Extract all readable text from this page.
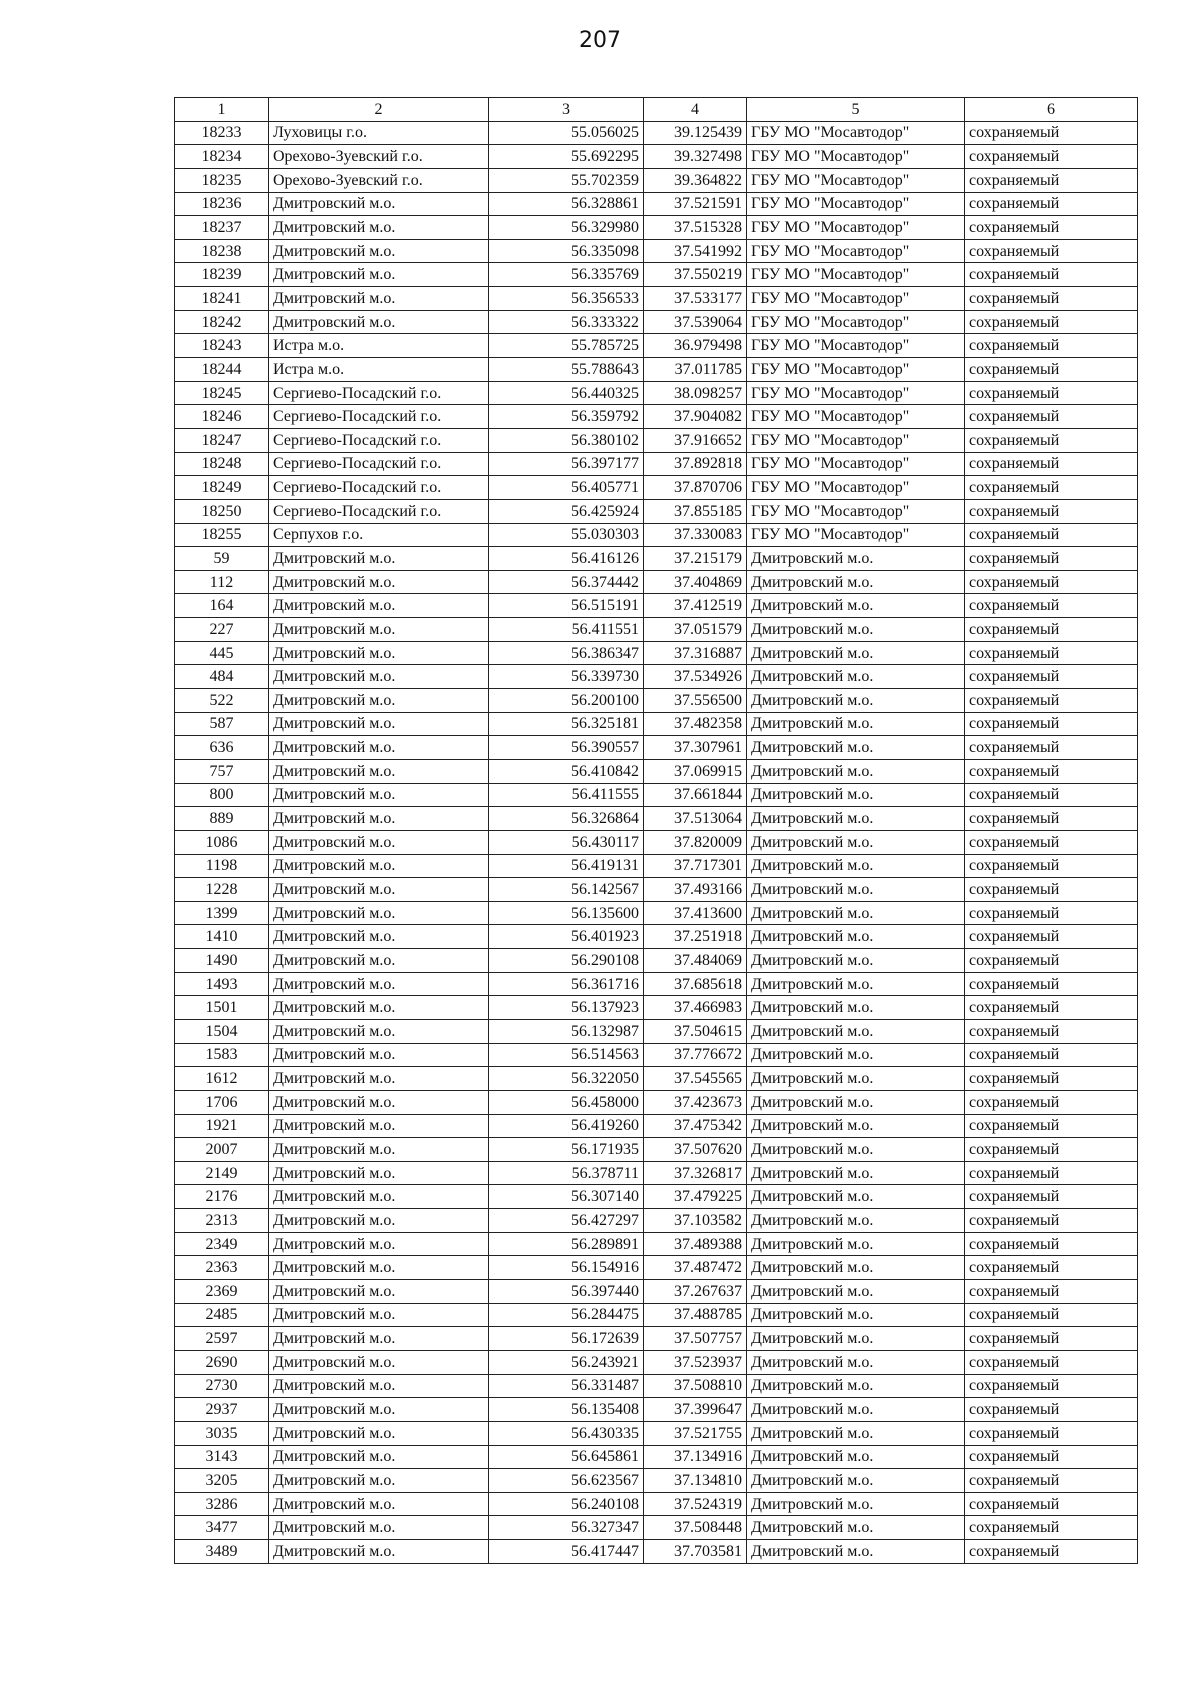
207
1	2	3	4	5	6
18233	Луховицы г.о.	55.056025	39.125439	ГБУ МО "Мосавтодор"	сохраняемый
18234	Орехово-Зуевский г.о.	55.692295	39.327498	ГБУ МО "Мосавтодор"	сохраняемый
18235	Орехово-Зуевский г.о.	55.702359	39.364822	ГБУ МО "Мосавтодор"	сохраняемый
18236	Дмитровский м.о.	56.328861	37.521591	ГБУ МО "Мосавтодор"	сохраняемый
18237	Дмитровский м.о.	56.329980	37.515328	ГБУ МО "Мосавтодор"	сохраняемый
18238	Дмитровский м.о.	56.335098	37.541992	ГБУ МО "Мосавтодор"	сохраняемый
18239	Дмитровский м.о.	56.335769	37.550219	ГБУ МО "Мосавтодор"	сохраняемый
18241	Дмитровский м.о.	56.356533	37.533177	ГБУ МО "Мосавтодор"	сохраняемый
18242	Дмитровский м.о.	56.333322	37.539064	ГБУ МО "Мосавтодор"	сохраняемый
18243	Истра м.о.	55.785725	36.979498	ГБУ МО "Мосавтодор"	сохраняемый
18244	Истра м.о.	55.788643	37.011785	ГБУ МО "Мосавтодор"	сохраняемый
18245	Сергиево-Посадский г.о.	56.440325	38.098257	ГБУ МО "Мосавтодор"	сохраняемый
18246	Сергиево-Посадский г.о.	56.359792	37.904082	ГБУ МО "Мосавтодор"	сохраняемый
18247	Сергиево-Посадский г.о.	56.380102	37.916652	ГБУ МО "Мосавтодор"	сохраняемый
18248	Сергиево-Посадский г.о.	56.397177	37.892818	ГБУ МО "Мосавтодор"	сохраняемый
18249	Сергиево-Посадский г.о.	56.405771	37.870706	ГБУ МО "Мосавтодор"	сохраняемый
18250	Сергиево-Посадский г.о.	56.425924	37.855185	ГБУ МО "Мосавтодор"	сохраняемый
18255	Серпухов г.о.	55.030303	37.330083	ГБУ МО "Мосавтодор"	сохраняемый
59	Дмитровский м.о.	56.416126	37.215179	Дмитровский м.о.	сохраняемый
112	Дмитровский м.о.	56.374442	37.404869	Дмитровский м.о.	сохраняемый
164	Дмитровский м.о.	56.515191	37.412519	Дмитровский м.о.	сохраняемый
227	Дмитровский м.о.	56.411551	37.051579	Дмитровский м.о.	сохраняемый
445	Дмитровский м.о.	56.386347	37.316887	Дмитровский м.о.	сохраняемый
484	Дмитровский м.о.	56.339730	37.534926	Дмитровский м.о.	сохраняемый
522	Дмитровский м.о.	56.200100	37.556500	Дмитровский м.о.	сохраняемый
587	Дмитровский м.о.	56.325181	37.482358	Дмитровский м.о.	сохраняемый
636	Дмитровский м.о.	56.390557	37.307961	Дмитровский м.о.	сохраняемый
757	Дмитровский м.о.	56.410842	37.069915	Дмитровский м.о.	сохраняемый
800	Дмитровский м.о.	56.411555	37.661844	Дмитровский м.о.	сохраняемый
889	Дмитровский м.о.	56.326864	37.513064	Дмитровский м.о.	сохраняемый
1086	Дмитровский м.о.	56.430117	37.820009	Дмитровский м.о.	сохраняемый
1198	Дмитровский м.о.	56.419131	37.717301	Дмитровский м.о.	сохраняемый
1228	Дмитровский м.о.	56.142567	37.493166	Дмитровский м.о.	сохраняемый
1399	Дмитровский м.о.	56.135600	37.413600	Дмитровский м.о.	сохраняемый
1410	Дмитровский м.о.	56.401923	37.251918	Дмитровский м.о.	сохраняемый
1490	Дмитровский м.о.	56.290108	37.484069	Дмитровский м.о.	сохраняемый
1493	Дмитровский м.о.	56.361716	37.685618	Дмитровский м.о.	сохраняемый
1501	Дмитровский м.о.	56.137923	37.466983	Дмитровский м.о.	сохраняемый
1504	Дмитровский м.о.	56.132987	37.504615	Дмитровский м.о.	сохраняемый
1583	Дмитровский м.о.	56.514563	37.776672	Дмитровский м.о.	сохраняемый
1612	Дмитровский м.о.	56.322050	37.545565	Дмитровский м.о.	сохраняемый
1706	Дмитровский м.о.	56.458000	37.423673	Дмитровский м.о.	сохраняемый
1921	Дмитровский м.о.	56.419260	37.475342	Дмитровский м.о.	сохраняемый
2007	Дмитровский м.о.	56.171935	37.507620	Дмитровский м.о.	сохраняемый
2149	Дмитровский м.о.	56.378711	37.326817	Дмитровский м.о.	сохраняемый
2176	Дмитровский м.о.	56.307140	37.479225	Дмитровский м.о.	сохраняемый
2313	Дмитровский м.о.	56.427297	37.103582	Дмитровский м.о.	сохраняемый
2349	Дмитровский м.о.	56.289891	37.489388	Дмитровский м.о.	сохраняемый
2363	Дмитровский м.о.	56.154916	37.487472	Дмитровский м.о.	сохраняемый
2369	Дмитровский м.о.	56.397440	37.267637	Дмитровский м.о.	сохраняемый
2485	Дмитровский м.о.	56.284475	37.488785	Дмитровский м.о.	сохраняемый
2597	Дмитровский м.о.	56.172639	37.507757	Дмитровский м.о.	сохраняемый
2690	Дмитровский м.о.	56.243921	37.523937	Дмитровский м.о.	сохраняемый
2730	Дмитровский м.о.	56.331487	37.508810	Дмитровский м.о.	сохраняемый
2937	Дмитровский м.о.	56.135408	37.399647	Дмитровский м.о.	сохраняемый
3035	Дмитровский м.о.	56.430335	37.521755	Дмитровский м.о.	сохраняемый
3143	Дмитровский м.о.	56.645861	37.134916	Дмитровский м.о.	сохраняемый
3205	Дмитровский м.о.	56.623567	37.134810	Дмитровский м.о.	сохраняемый
3286	Дмитровский м.о.	56.240108	37.524319	Дмитровский м.о.	сохраняемый
3477	Дмитровский м.о.	56.327347	37.508448	Дмитровский м.о.	сохраняемый
3489	Дмитровский м.о.	56.417447	37.703581	Дмитровский м.о.	сохраняемый
